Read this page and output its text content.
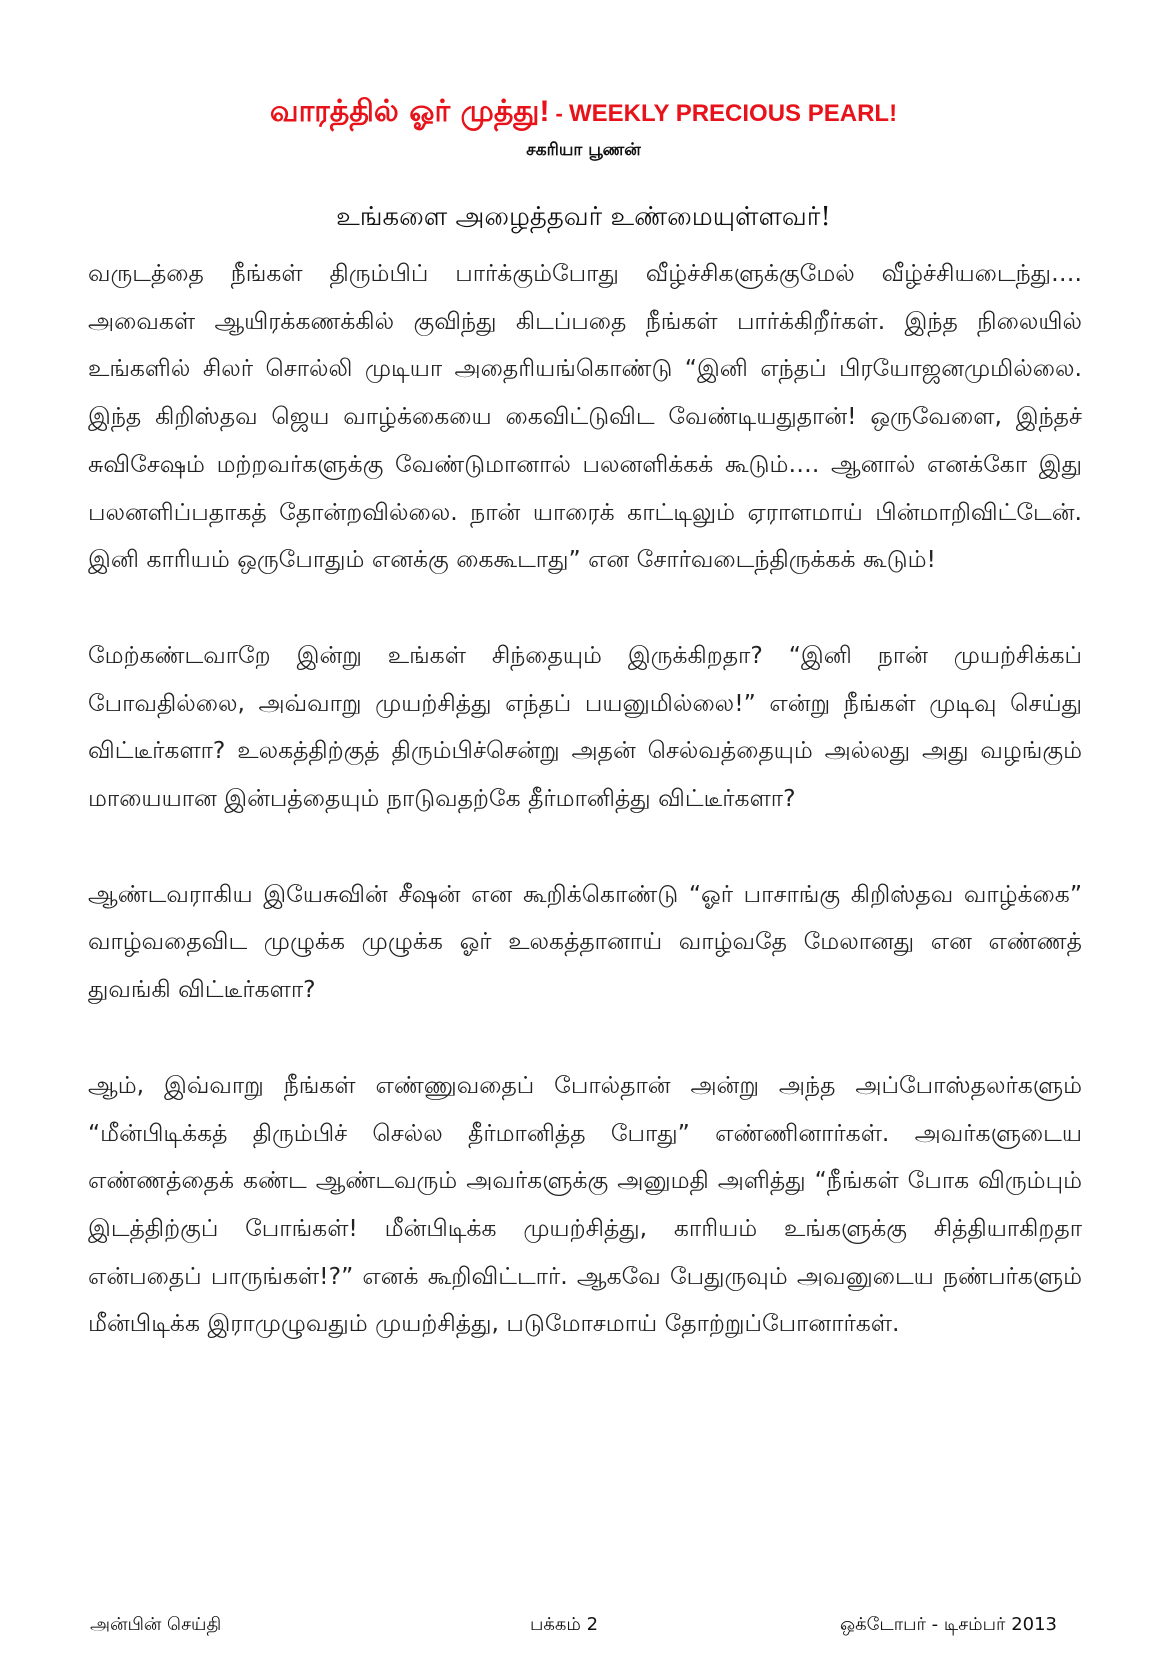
வாரத்தில் ஓர் முத்து! - WEEKLY PRECIOUS PEARL!
சகரியா பூணன்
உங்களை அழைத்தவர் உண்மையுள்ளவர்!

வருடத்தை நீங்கள் திரும்பிப் பார்க்கும்போது வீழ்ச்சிகளுக்குமேல் வீழ்ச்சியடைந்து…. அவைகள் ஆயிரக்கணக்கில் குவிந்து கிடப்பதை நீங்கள் பார்க்கிறீர்கள். இந்த நிலையில் உங்களில் சிலர் சொல்லி முடியா அதைரியங்கொண்டு “இனி எந்தப் பிரயோஜனமுமில்லை. இந்த கிறிஸ்தவ ஜெய வாழ்க்கையை கைவிட்டுவிட வேண்டியதுதான்! ஒருவேளை, இந்தச் சுவிசேஷம் மற்றவர்களுக்கு வேண்டுமானால் பலனளிக்கக் கூடும்…. ஆனால் எனக்கோ இது பலனளிப்பதாகத் தோன்றவில்லை. நான் யாரைக் காட்டிலும் ஏராளமாய் பின்மாறிவிட்டேன். இனி காரியம் ஒருபோதும் எனக்கு கைகூடாது” என சோர்வடைந்திருக்கக் கூடும்!

மேற்கண்டவாறே இன்று உங்கள் சிந்தையும் இருக்கிறதா? “இனி நான் முயற்சிக்கப் போவதில்லை, அவ்வாறு முயற்சித்து எந்தப் பயனுமில்லை!” என்று நீங்கள் முடிவு செய்து விட்டீர்களா? உலகத்திற்குத் திரும்பிச்சென்று அதன் செல்வத்தையும் அல்லது அது வழங்கும் மாயையான இன்பத்தையும் நாடுவதற்கே தீர்மானித்து விட்டீர்களா?

ஆண்டவராகிய இயேசுவின் சீஷன் என கூறிக்கொண்டு “ஓர் பாசாங்கு கிறிஸ்தவ வாழ்க்கை” வாழ்வதைவிட முழுக்க முழுக்க ஓர் உலகத்தானாய் வாழ்வதே மேலானது என எண்ணத் துவங்கி விட்டீர்களா?

ஆம், இவ்வாறு நீங்கள் எண்ணுவதைப் போல்தான் அன்று அந்த அப்போஸ்தலர்களும் “மீன்பிடிக்கத் திரும்பிச் செல்ல தீர்மானித்த போது” எண்ணினார்கள். அவர்களுடைய எண்ணத்தைக் கண்ட ஆண்டவரும் அவர்களுக்கு அனுமதி அளித்து “நீங்கள் போக விரும்பும் இடத்திற்குப் போங்கள்! மீன்பிடிக்க முயற்சித்து, காரியம் உங்களுக்கு சித்தியாகிறதா என்பதைப் பாருங்கள்!?” எனக் கூறிவிட்டார். ஆகவே பேதுருவும் அவனுடைய நண்பர்களும் மீன்பிடிக்க இராமுழுவதும் முயற்சித்து, படுமோசமாய் தோற்றுப்போனார்கள்.

அன்பின் செய்தி	பக்கம் 2	ஒக்டோபர் - டிசம்பர் 2013
